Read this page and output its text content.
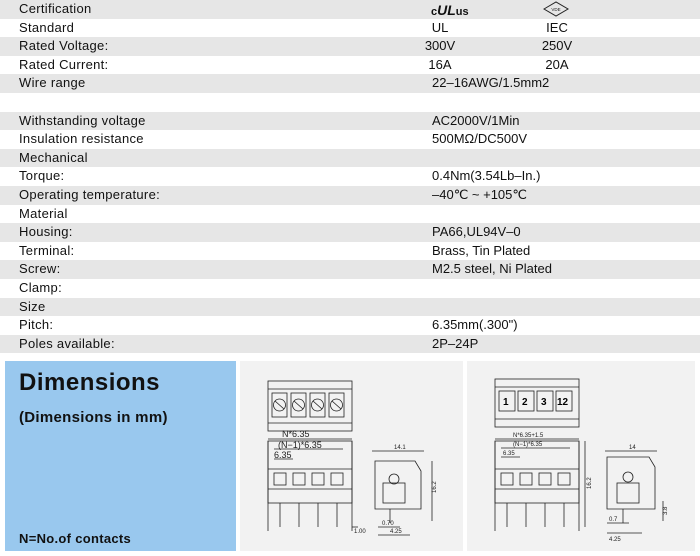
Certification	cULus	VDE
Standard	UL	IEC
Rated Voltage:	300V	250V
Rated Current:	16A	20A
Wire range	22–16AWG/1.5mm2
Withstanding voltage	AC2000V/1Min
Insulation resistance	500MΩ/DC500V
Mechanical
Torque:	0.4Nm(3.54Lb–In.)
Operating temperature:	–40℃ ~ +105℃
Material
Housing:	PA66,UL94V–0
Terminal:	Brass, Tin Plated
Screw:	M2.5 steel, Ni Plated
Clamp:
Size
Pitch:	6.35mm(.300")
Poles available:	2P–24P
Dimensions
(Dimensions in mm)
N=No.of contacts
N*6.35
(N−1)*6.35
6.35
14.1
16.2
1.00
0.70
4.25
1 2 3 12
N*6.35+1.5
(N−1)*6.35
6.35
14
16.2
3.8
0.7
4.25
